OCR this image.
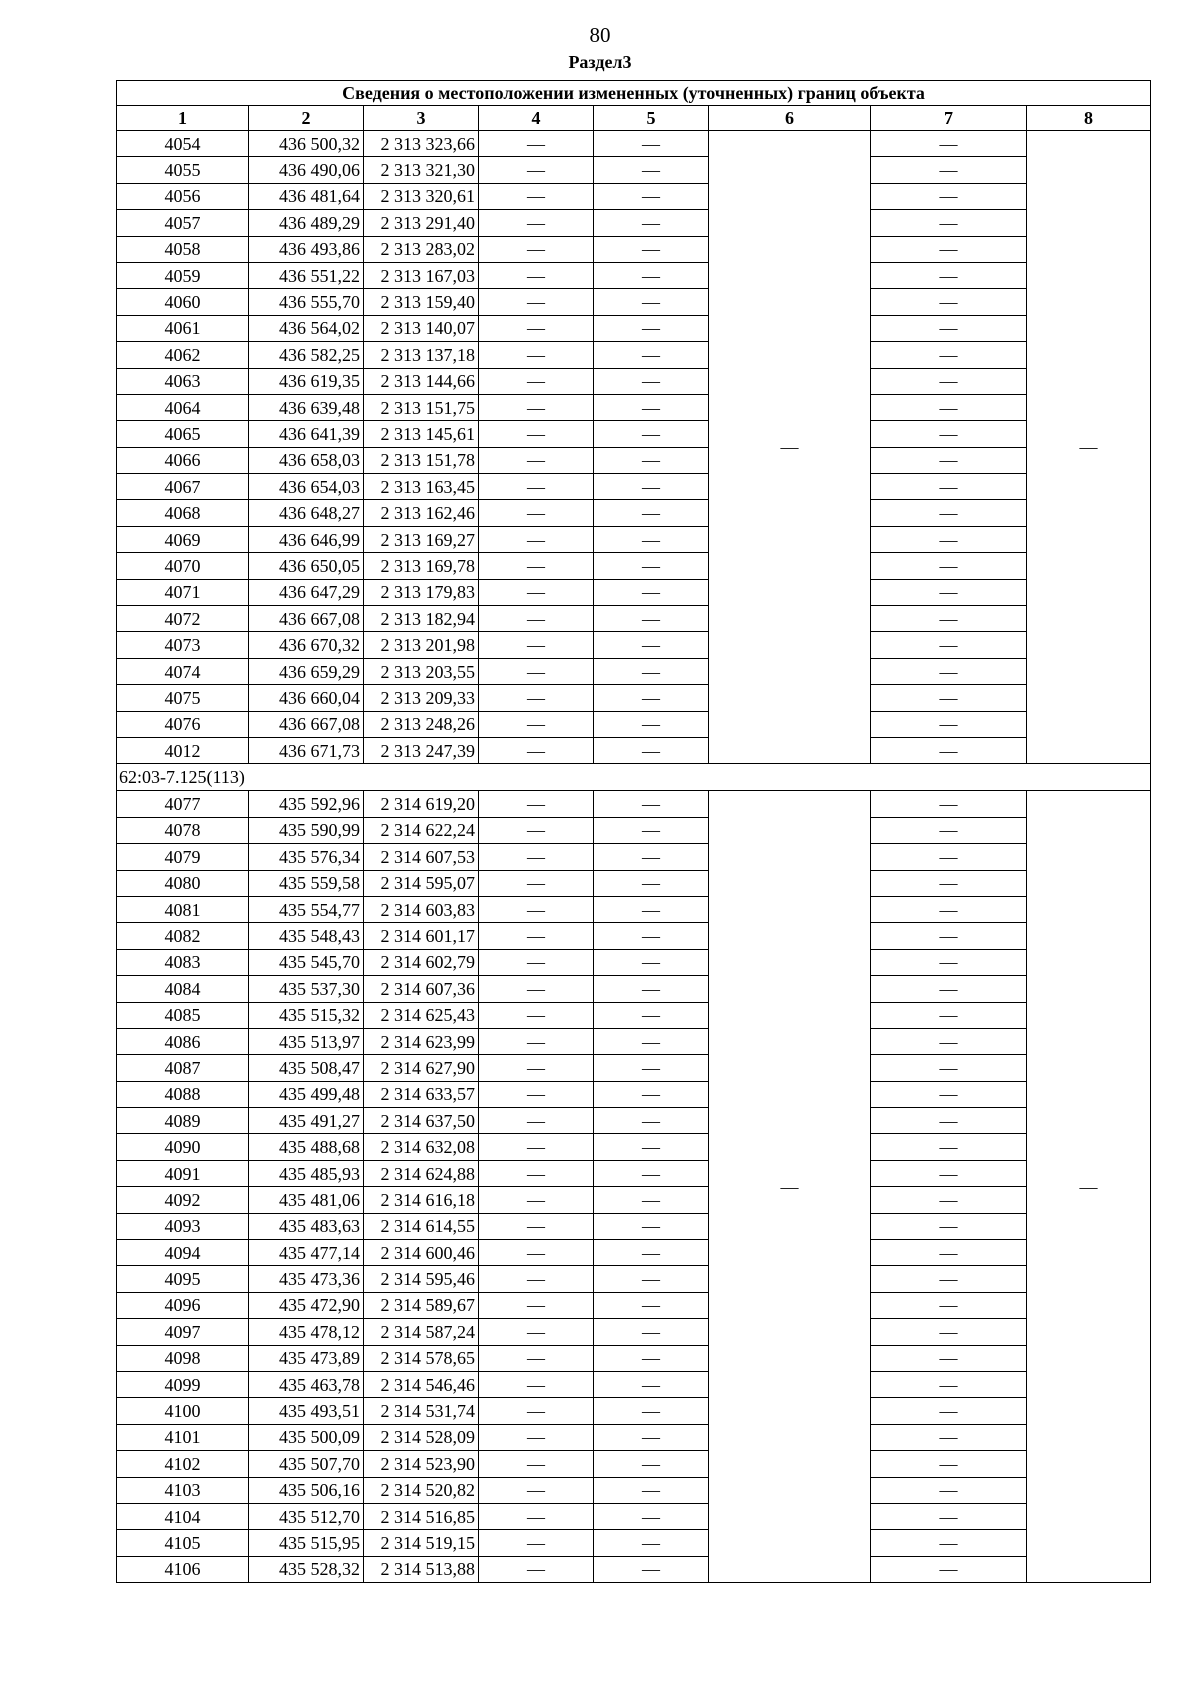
80
Раздел3
Сведения о местоположении измененных (уточненных) границ объекта							
1	2	3	4	5	6	7	8
4054	436 500,32	2 313 323,66	—	—	—	—	—
4055	436 490,06	2 313 321,30	—	—		—	
4056	436 481,64	2 313 320,61	—	—		—	
4057	436 489,29	2 313 291,40	—	—		—	
4058	436 493,86	2 313 283,02	—	—		—	
4059	436 551,22	2 313 167,03	—	—		—	
4060	436 555,70	2 313 159,40	—	—		—	
4061	436 564,02	2 313 140,07	—	—		—	
4062	436 582,25	2 313 137,18	—	—		—	
4063	436 619,35	2 313 144,66	—	—		—	
4064	436 639,48	2 313 151,75	—	—		—	
4065	436 641,39	2 313 145,61	—	—		—	
4066	436 658,03	2 313 151,78	—	—		—	
4067	436 654,03	2 313 163,45	—	—		—	
4068	436 648,27	2 313 162,46	—	—		—	
4069	436 646,99	2 313 169,27	—	—		—	
4070	436 650,05	2 313 169,78	—	—		—	
4071	436 647,29	2 313 179,83	—	—		—	
4072	436 667,08	2 313 182,94	—	—		—	
4073	436 670,32	2 313 201,98	—	—		—	
4074	436 659,29	2 313 203,55	—	—		—	
4075	436 660,04	2 313 209,33	—	—		—	
4076	436 667,08	2 313 248,26	—	—		—	
4012	436 671,73	2 313 247,39	—	—		—	
62:03-7.125(113)							
4077	435 592,96	2 314 619,20	—	—	—	—	—
4078	435 590,99	2 314 622,24	—	—		—	
4079	435 576,34	2 314 607,53	—	—		—	
4080	435 559,58	2 314 595,07	—	—		—	
4081	435 554,77	2 314 603,83	—	—		—	
4082	435 548,43	2 314 601,17	—	—		—	
4083	435 545,70	2 314 602,79	—	—		—	
4084	435 537,30	2 314 607,36	—	—		—	
4085	435 515,32	2 314 625,43	—	—		—	
4086	435 513,97	2 314 623,99	—	—		—	
4087	435 508,47	2 314 627,90	—	—		—	
4088	435 499,48	2 314 633,57	—	—		—	
4089	435 491,27	2 314 637,50	—	—		—	
4090	435 488,68	2 314 632,08	—	—		—	
4091	435 485,93	2 314 624,88	—	—		—	
4092	435 481,06	2 314 616,18	—	—		—	
4093	435 483,63	2 314 614,55	—	—		—	
4094	435 477,14	2 314 600,46	—	—		—	
4095	435 473,36	2 314 595,46	—	—		—	
4096	435 472,90	2 314 589,67	—	—		—	
4097	435 478,12	2 314 587,24	—	—		—	
4098	435 473,89	2 314 578,65	—	—		—	
4099	435 463,78	2 314 546,46	—	—		—	
4100	435 493,51	2 314 531,74	—	—		—	
4101	435 500,09	2 314 528,09	—	—		—	
4102	435 507,70	2 314 523,90	—	—		—	
4103	435 506,16	2 314 520,82	—	—		—	
4104	435 512,70	2 314 516,85	—	—		—	
4105	435 515,95	2 314 519,15	—	—		—	
4106	435 528,32	2 314 513,88	—	—		—	
